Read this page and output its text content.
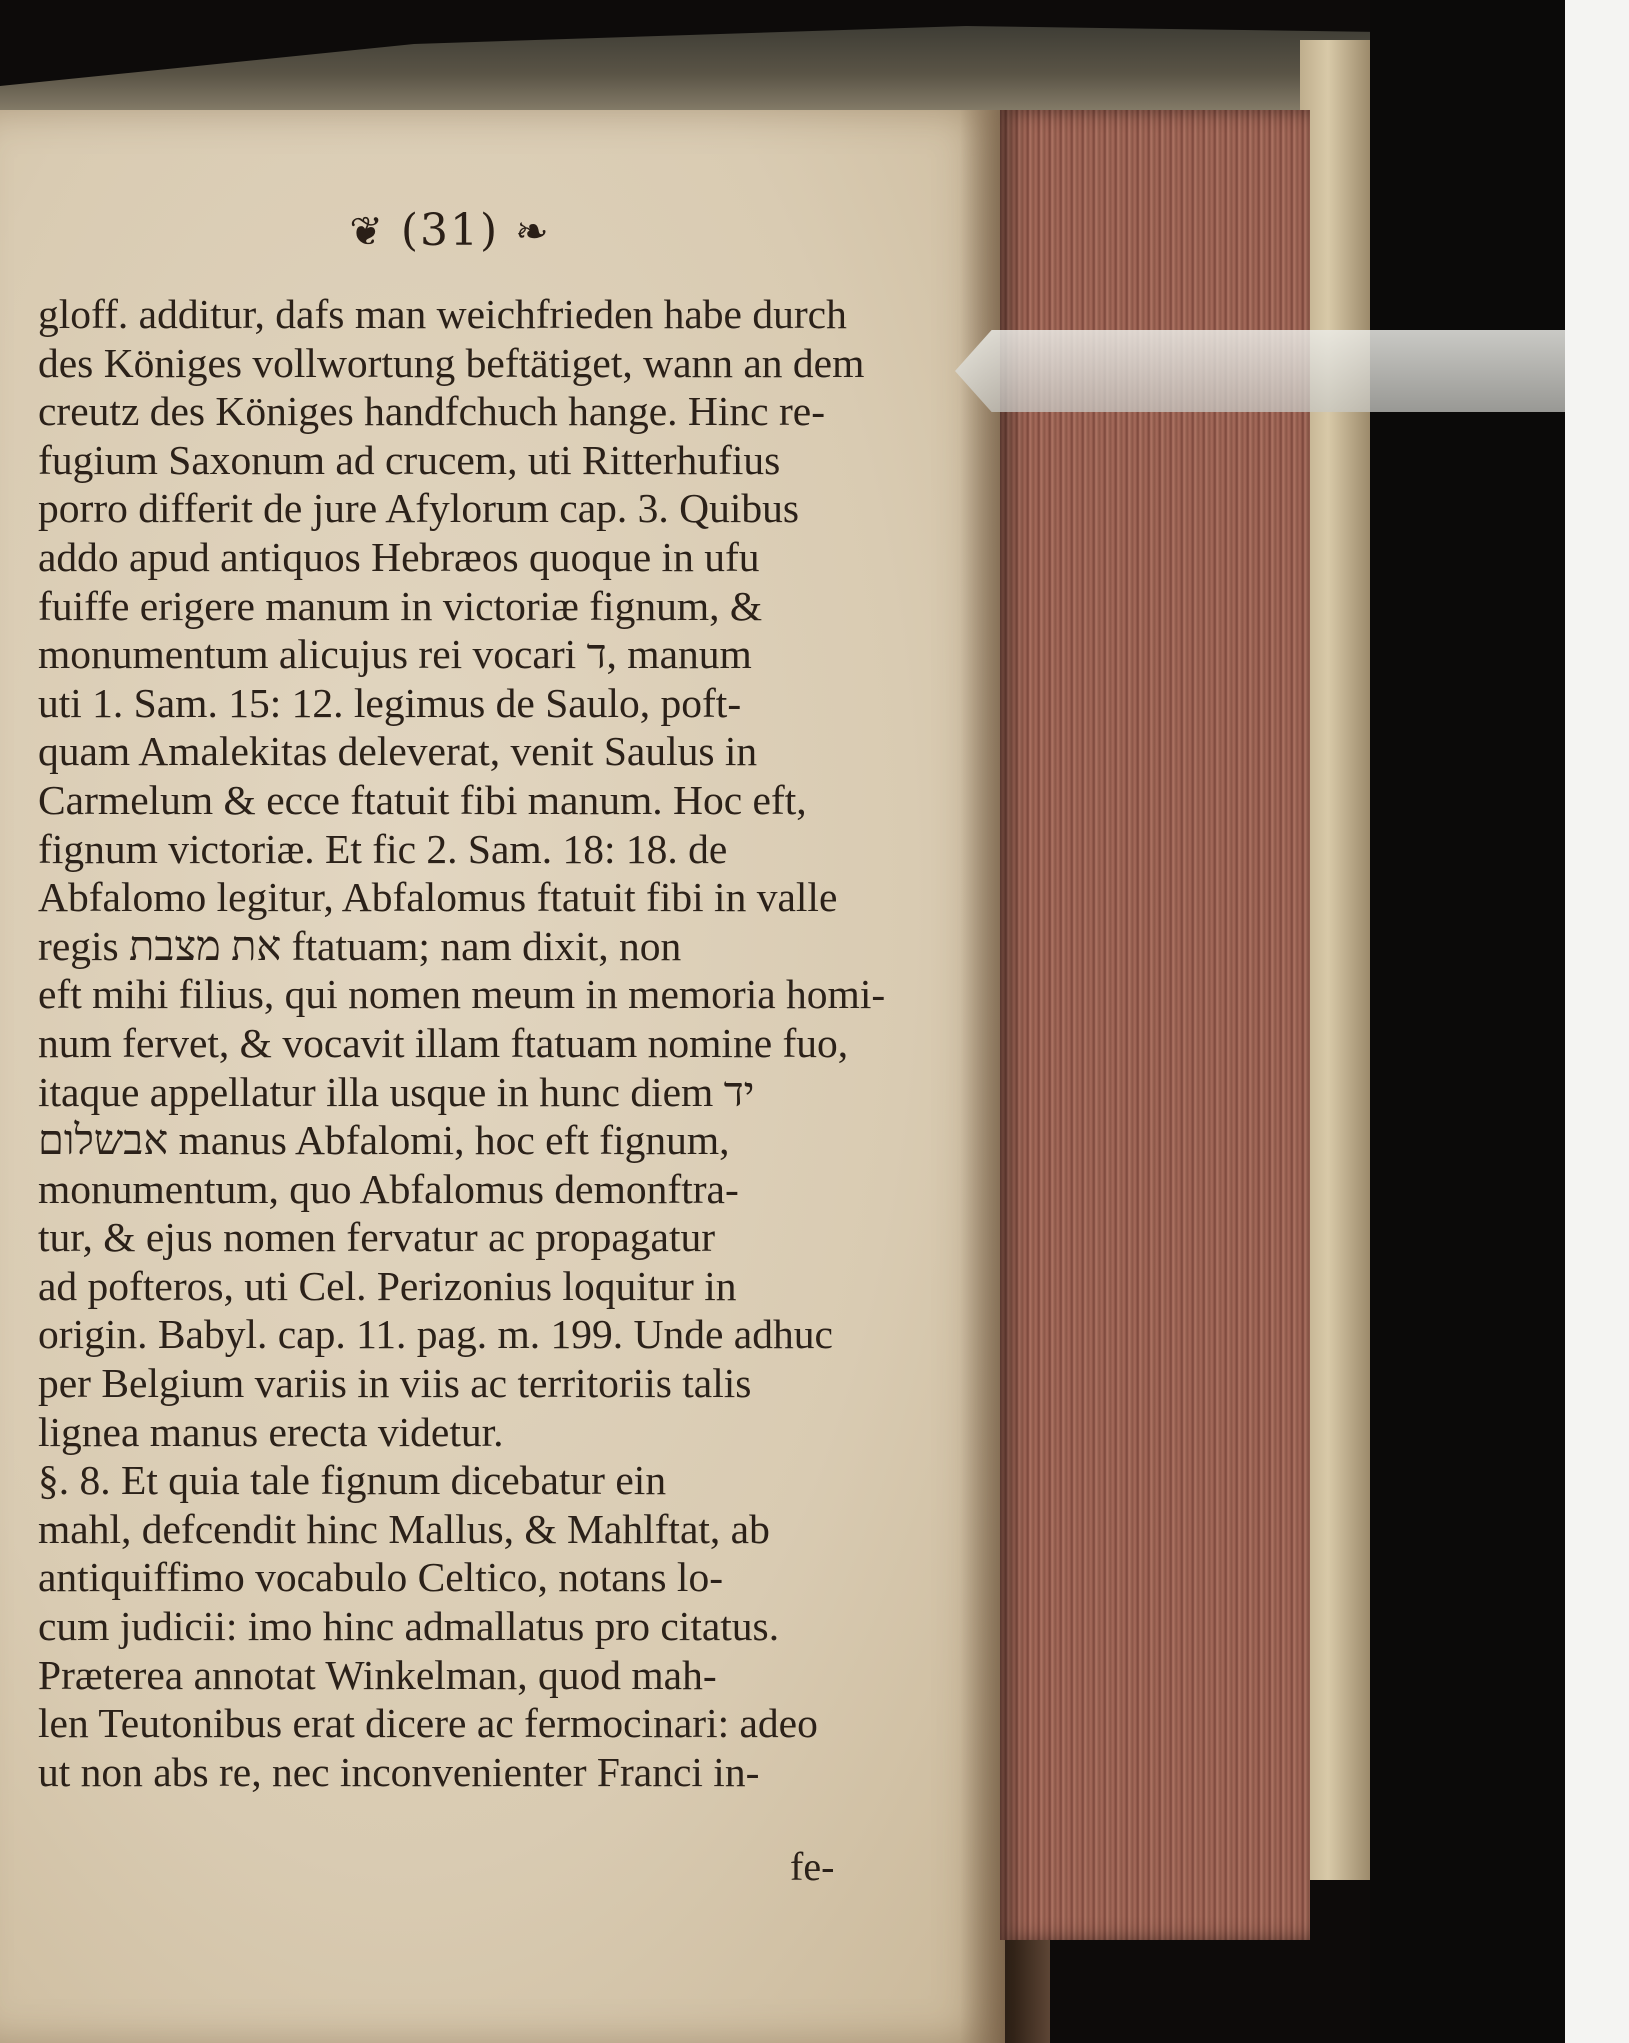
❦ (31) ❧
gloff. additur, dafs man weichfrieden habe durch
des Königes vollwortung beftätiget, wann an dem
creutz des Königes handfchuch hange. Hinc re-
fugium Saxonum ad crucem, uti Ritterhufius
porro differit de jure Afylorum cap. 3. Quibus
addo apud antiquos Hebræos quoque in ufu
fuiffe erigere manum in victoriæ fignum, &
monumentum alicujus rei vocari ד, manum
uti 1. Sam. 15: 12. legimus de Saulo, poft-
quam Amalekitas deleverat, venit Saulus in
Carmelum & ecce ftatuit fibi manum. Hoc eft,
fignum victoriæ. Et fic 2. Sam. 18: 18. de
Abfalomo legitur, Abfalomus ftatuit fibi in valle
regis את מצבת ftatuam; nam dixit, non
eft mihi filius, qui nomen meum in memoria homi-
num fervet, & vocavit illam ftatuam nomine fuo,
itaque appellatur illa usque in hunc diem יד
אבשלום manus Abfalomi, hoc eft fignum,
monumentum, quo Abfalomus demonftra-
tur, & ejus nomen fervatur ac propagatur
ad pofteros, uti Cel. Perizonius loquitur in
origin. Babyl. cap. 11. pag. m. 199. Unde adhuc
per Belgium variis in viis ac territoriis talis
lignea manus erecta videtur.
§. 8. Et quia tale fignum dicebatur ein
mahl, defcendit hinc Mallus, & Mahlftat, ab
antiquiffimo vocabulo Celtico, notans lo-
cum judicii: imo hinc admallatus pro citatus.
Præterea annotat Winkelman, quod mah-
len Teutonibus erat dicere ac fermocinari: adeo
ut non abs re, nec inconvenienter Franci in-
fe-
